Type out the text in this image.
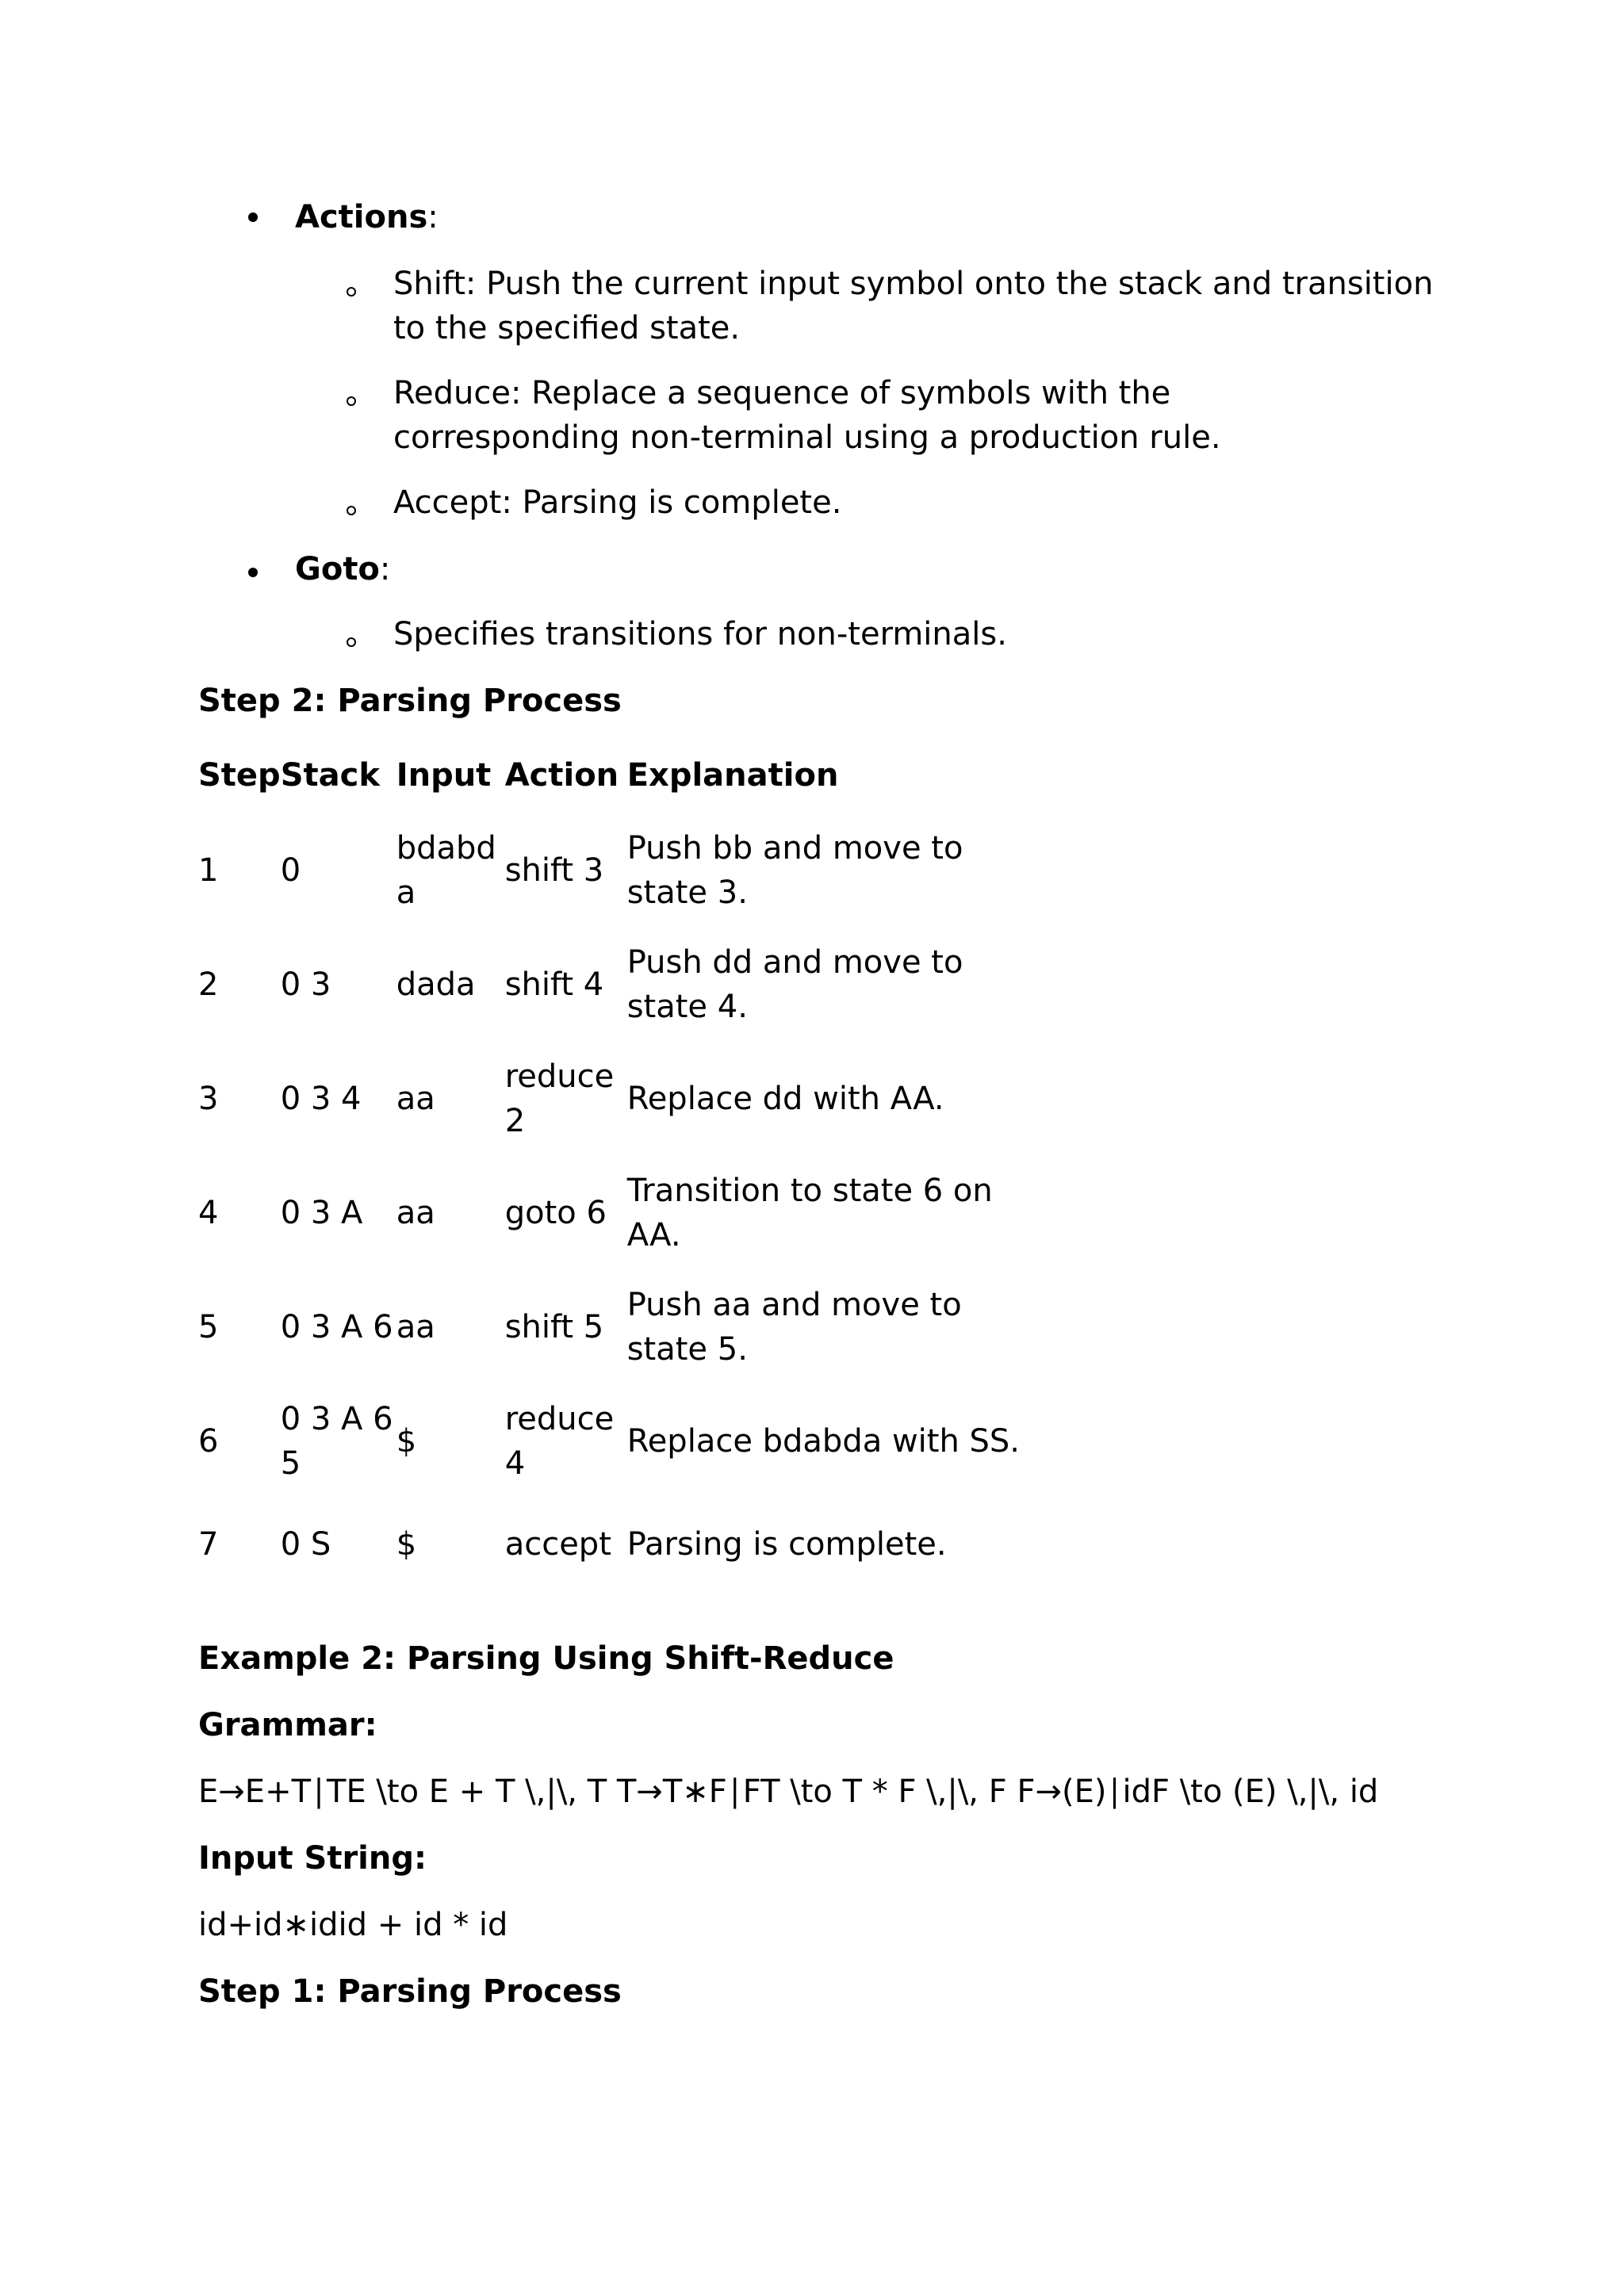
Actions:
Shift: Push the current input symbol onto the stack and transition to the specified state.
Reduce: Replace a sequence of symbols with the corresponding non-terminal using a production rule.
Accept: Parsing is complete.
Goto:
Specifies transitions for non-terminals.
Step 2: Parsing Process
Step	Stack	Input	Action	Explanation
1	0	bdabda	shift 3	Push bb and move to state 3.
2	0 3	dada	shift 4	Push dd and move to state 4.
3	0 3 4	aa	reduce 2	Replace dd with AA.
4	0 3 A	aa	goto 6	Transition to state 6 on AA.
5	0 3 A 6	aa	shift 5	Push aa and move to state 5.
6	0 3 A 6 5	$	reduce 4	Replace bdabda with SS.
7	0 S	$	accept	Parsing is complete.
Example 2: Parsing Using Shift-Reduce
Grammar:
E→E+T∣TE \to E + T \,|\, T T→T∗F∣FT \to T * F \,|\, F F→(E)∣idF \to (E) \,|\, id
Input String:
id+id∗idid + id * id
Step 1: Parsing Process
